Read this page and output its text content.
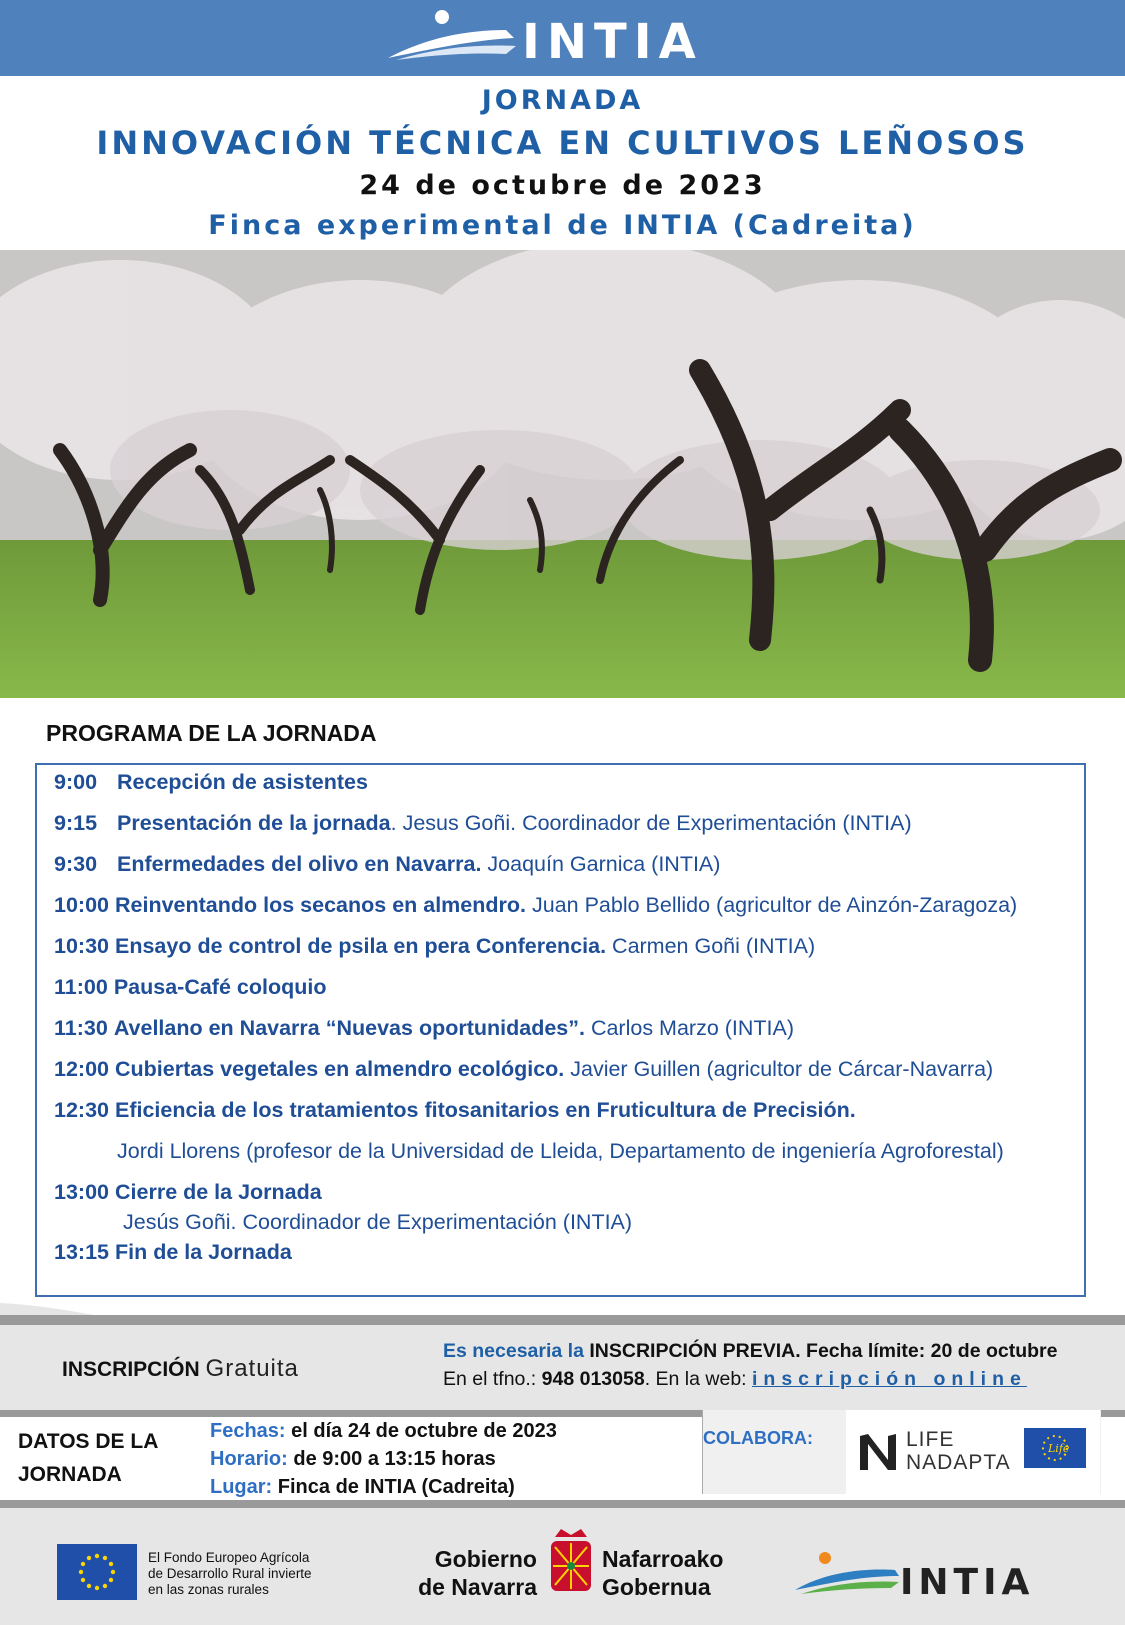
INTIA
JORNADA
INNOVACIÓN TÉCNICA EN CULTIVOS LEÑOSOS
24 de octubre de 2023
Finca experimental de INTIA (Cadreita)
PROGRAMA DE LA JORNADA
9:00 Recepción de asistentes
9:15 Presentación de la jornada. Jesus Goñi. Coordinador de Experimentación (INTIA)
9:30 Enfermedades del olivo en Navarra. Joaquín Garnica (INTIA)
10:00 Reinventando los secanos en almendro. Juan Pablo Bellido (agricultor de Ainzón-Zaragoza)
10:30 Ensayo de control de psila en pera Conferencia. Carmen Goñi (INTIA)
11:00 Pausa-Café coloquio
11:30 Avellano en Navarra “Nuevas oportunidades”. Carlos Marzo (INTIA)
12:00 Cubiertas vegetales en almendro ecológico. Javier Guillen (agricultor de Cárcar-Navarra)
12:30 Eficiencia de los tratamientos fitosanitarios en Fruticultura de Precisión.
Jordi Llorens (profesor de la Universidad de Lleida, Departamento de ingeniería Agroforestal)
13:00 Cierre de la Jornada
Jesús Goñi. Coordinador de Experimentación (INTIA)
13:15 Fin de la Jornada
INSCRIPCIÓN Gratuita
Es necesaria la INSCRIPCIÓN PREVIA. Fecha límite: 20 de octubre
En el tfno.: 948 013058. En la web: inscripción online
DATOS DE LA JORNADA
Fechas: el día 24 de octubre de 2023
Horario: de 9:00 a 13:15 horas
Lugar: Finca de INTIA (Cadreita)
COLABORA:
Life
LIFE
NADAPTA
El Fondo Europeo Agrícola
de Desarrollo Rural invierte
en las zonas rurales
Gobierno
de Navarra
Nafarroako
Gobernua	INTIA
